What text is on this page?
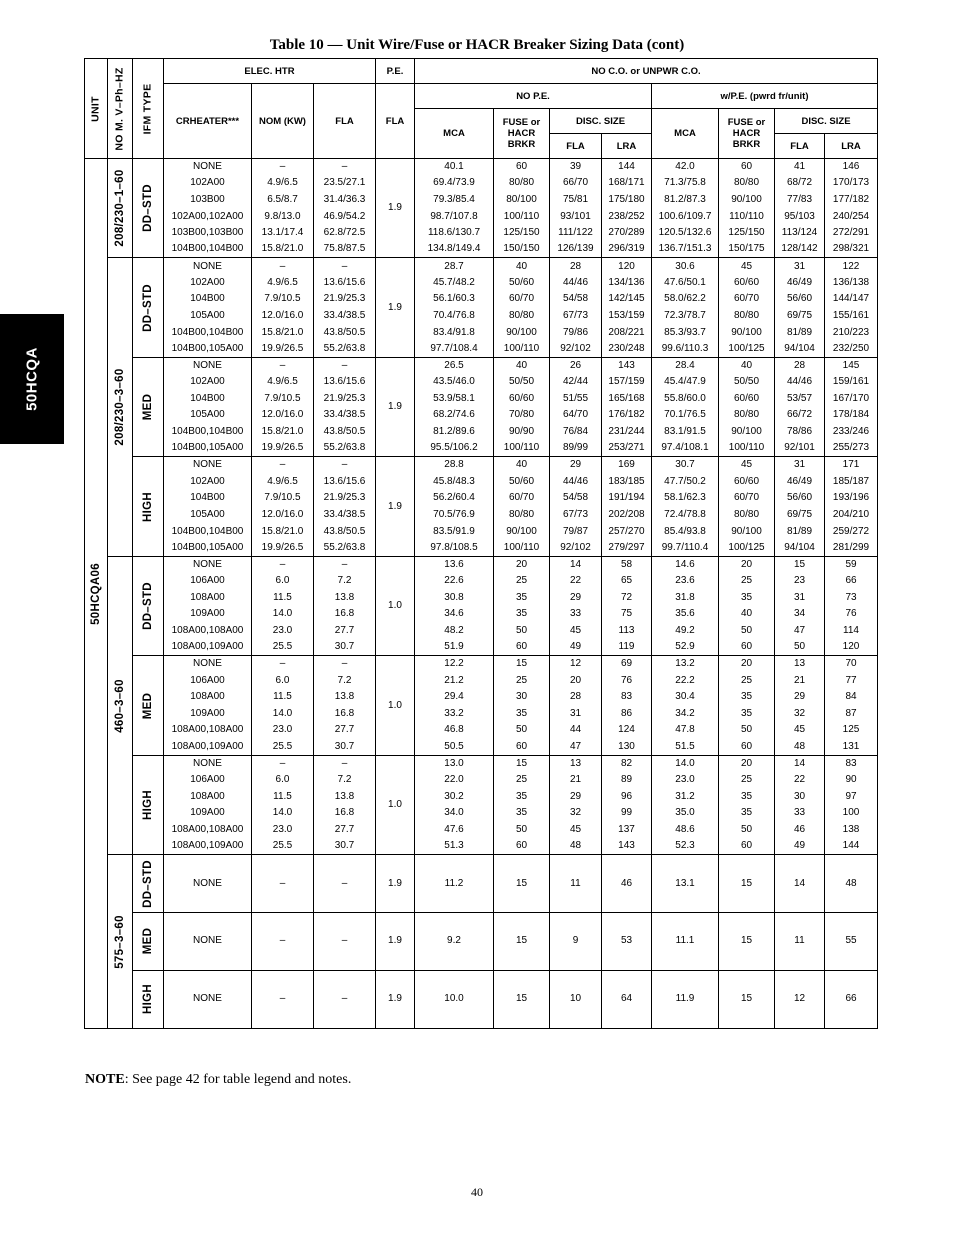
50HCQA
Table 10 — Unit Wire/Fuse or HACR Breaker Sizing Data (cont)
UNIT	NO M. V–Ph–HZ	IFM TYPE	ELEC. HTR			P.E.	NO C.O. or UNPWR C.O.							
			CRHEATER***	NOM (KW)	FLA	FLA	NO P.E.				w/P.E. (pwrd fr/unit)			
							MCA	FUSE or HACR BRKR	DISC. SIZE		MCA	FUSE or HACR BRKR	DISC. SIZE	
									FLA	LRA			FLA	LRA

50HCQA06	208/230–1–60	DD–STD	NONE	–	–	1.9	40.1	60	39	144	42.0	60	41	146
			102A00	4.9/6.5	23.5/27.1		69.4/73.9	80/80	66/70	168/171	71.3/75.8	80/80	68/72	170/173
			103B00	6.5/8.7	31.4/36.3		79.3/85.4	80/100	75/81	175/180	81.2/87.3	90/100	77/83	177/182
			102A00,102A00	9.8/13.0	46.9/54.2		98.7/107.8	100/110	93/101	238/252	100.6/109.7	110/110	95/103	240/254
			103B00,103B00	13.1/17.4	62.8/72.5		118.6/130.7	125/150	111/122	270/289	120.5/132.6	125/150	113/124	272/291
			104B00,104B00	15.8/21.0	75.8/87.5		134.8/149.4	150/150	126/139	296/319	136.7/151.3	150/175	128/142	298/321

	208/230–3–60	DD–STD	NONE	–	–	1.9	28.7	40	28	120	30.6	45	31	122
			102A00	4.9/6.5	13.6/15.6		45.7/48.2	50/60	44/46	134/136	47.6/50.1	60/60	46/49	136/138
			104B00	7.9/10.5	21.9/25.3		56.1/60.3	60/70	54/58	142/145	58.0/62.2	60/70	56/60	144/147
			105A00	12.0/16.0	33.4/38.5		70.4/76.8	80/80	67/73	153/159	72.3/78.7	80/80	69/75	155/161
			104B00,104B00	15.8/21.0	43.8/50.5		83.4/91.8	90/100	79/86	208/221	85.3/93.7	90/100	81/89	210/223
			104B00,105A00	19.9/26.5	55.2/63.8		97.7/108.4	100/110	92/102	230/248	99.6/110.3	100/125	94/104	232/250

		MED	NONE	–	–	1.9	26.5	40	26	143	28.4	40	28	145
			102A00	4.9/6.5	13.6/15.6		43.5/46.0	50/50	42/44	157/159	45.4/47.9	50/50	44/46	159/161
			104B00	7.9/10.5	21.9/25.3		53.9/58.1	60/60	51/55	165/168	55.8/60.0	60/60	53/57	167/170
			105A00	12.0/16.0	33.4/38.5		68.2/74.6	70/80	64/70	176/182	70.1/76.5	80/80	66/72	178/184
			104B00,104B00	15.8/21.0	43.8/50.5		81.2/89.6	90/90	76/84	231/244	83.1/91.5	90/100	78/86	233/246
			104B00,105A00	19.9/26.5	55.2/63.8		95.5/106.2	100/110	89/99	253/271	97.4/108.1	100/110	92/101	255/273

		HIGH	NONE	–	–	1.9	28.8	40	29	169	30.7	45	31	171
			102A00	4.9/6.5	13.6/15.6		45.8/48.3	50/60	44/46	183/185	47.7/50.2	60/60	46/49	185/187
			104B00	7.9/10.5	21.9/25.3		56.2/60.4	60/70	54/58	191/194	58.1/62.3	60/70	56/60	193/196
			105A00	12.0/16.0	33.4/38.5		70.5/76.9	80/80	67/73	202/208	72.4/78.8	80/80	69/75	204/210
			104B00,104B00	15.8/21.0	43.8/50.5		83.5/91.9	90/100	79/87	257/270	85.4/93.8	90/100	81/89	259/272
			104B00,105A00	19.9/26.5	55.2/63.8		97.8/108.5	100/110	92/102	279/297	99.7/110.4	100/125	94/104	281/299

	460–3–60	DD–STD	NONE	–	–	1.0	13.6	20	14	58	14.6	20	15	59
			106A00	6.0	7.2		22.6	25	22	65	23.6	25	23	66
			108A00	11.5	13.8		30.8	35	29	72	31.8	35	31	73
			109A00	14.0	16.8		34.6	35	33	75	35.6	40	34	76
			108A00,108A00	23.0	27.7		48.2	50	45	113	49.2	50	47	114
			108A00,109A00	25.5	30.7		51.9	60	49	119	52.9	60	50	120

		MED	NONE	–	–	1.0	12.2	15	12	69	13.2	20	13	70
			106A00	6.0	7.2		21.2	25	20	76	22.2	25	21	77
			108A00	11.5	13.8		29.4	30	28	83	30.4	35	29	84
			109A00	14.0	16.8		33.2	35	31	86	34.2	35	32	87
			108A00,108A00	23.0	27.7		46.8	50	44	124	47.8	50	45	125
			108A00,109A00	25.5	30.7		50.5	60	47	130	51.5	60	48	131

		HIGH	NONE	–	–	1.0	13.0	15	13	82	14.0	20	14	83
			106A00	6.0	7.2		22.0	25	21	89	23.0	25	22	90
			108A00	11.5	13.8		30.2	35	29	96	31.2	35	30	97
			109A00	14.0	16.8		34.0	35	32	99	35.0	35	33	100
			108A00,108A00	23.0	27.7		47.6	50	45	137	48.6	50	46	138
			108A00,109A00	25.5	30.7		51.3	60	48	143	52.3	60	49	144

	575–3–60	DD–STD	NONE	–	–	1.9	11.2	15	11	46	13.1	15	14	48

		MED	NONE	–	–	1.9	9.2	15	9	53	11.1	15	11	55

		HIGH	NONE	–	–	1.9	10.0	15	10	64	11.9	15	12	66
NOTE: See page 42 for table legend and notes.
40
